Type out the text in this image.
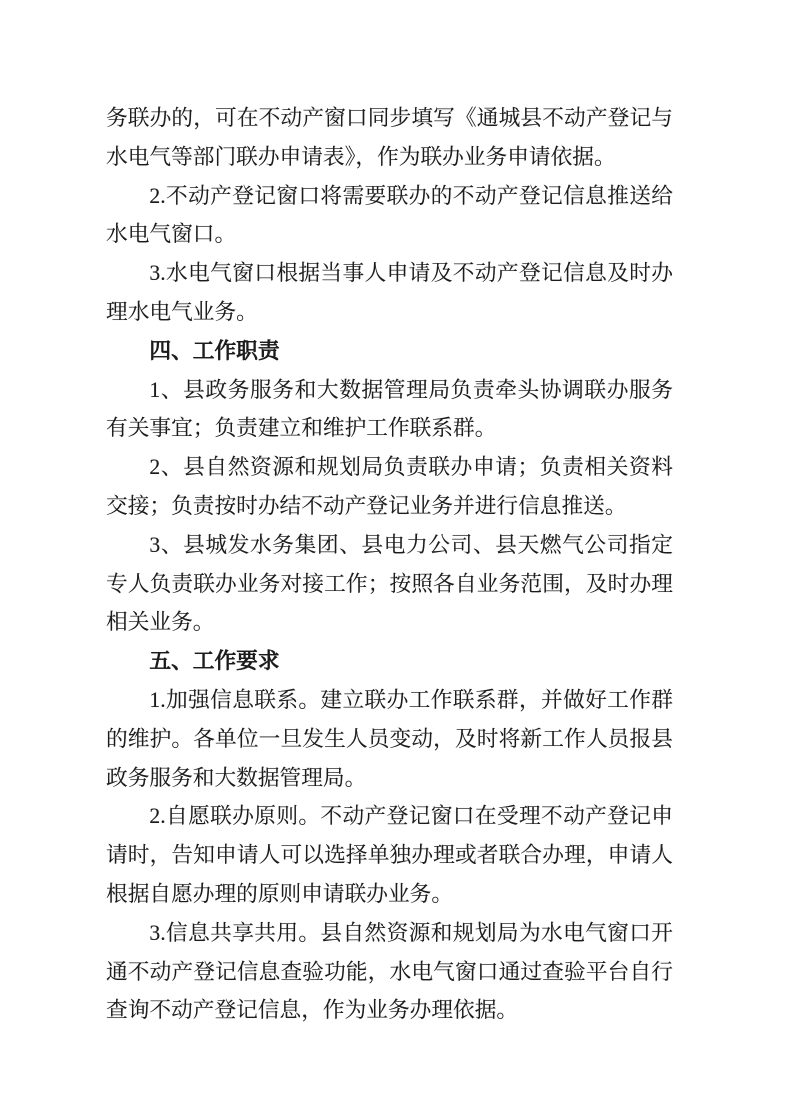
务联办的，可在不动产窗口同步填写《通城县不动产登记与水电气等部门联办申请表》，作为联办业务申请依据。

2.不动产登记窗口将需要联办的不动产登记信息推送给水电气窗口。

3.水电气窗口根据当事人申请及不动产登记信息及时办理水电气业务。

四、工作职责

1、县政务服务和大数据管理局负责牵头协调联办服务有关事宜；负责建立和维护工作联系群。

2、县自然资源和规划局负责联办申请；负责相关资料交接；负责按时办结不动产登记业务并进行信息推送。

3、县城发水务集团、县电力公司、县天燃气公司指定专人负责联办业务对接工作；按照各自业务范围，及时办理相关业务。

五、工作要求

1.加强信息联系。建立联办工作联系群，并做好工作群的维护。各单位一旦发生人员变动，及时将新工作人员报县政务服务和大数据管理局。

2.自愿联办原则。不动产登记窗口在受理不动产登记申请时，告知申请人可以选择单独办理或者联合办理，申请人根据自愿办理的原则申请联办业务。

3.信息共享共用。县自然资源和规划局为水电气窗口开通不动产登记信息查验功能，水电气窗口通过查验平台自行查询不动产登记信息，作为业务办理依据。
